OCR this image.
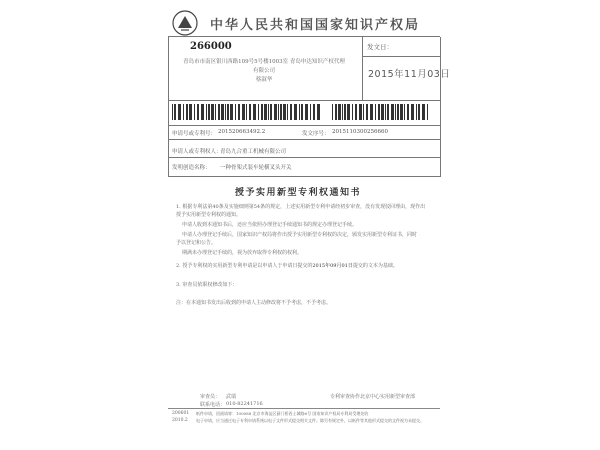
中华人民共和国国家知识产权局
266000
青岛市市南区银川西路109号5号楼1003室 青岛申达知识产权代理
有限公司
蔡淑华
发文日：
2015年11月03日
申请号或专利号： 201520663492.2	发文序号： 2015110300256660
申请人或专利权人：
青岛九合重工机械有限公司
发明创造名称： 一种骨架式装车轮横叉头开关
授予实用新型专利权通知书
1. 根据专利法第40条及实施细则第54条的规定，上述实用新型专利申请经初步审查，没有发现驳回理由，现作出
授予实用新型专利权的通知。
申请人收到本通知书后，还应当依照办理登记手续通知书的规定办理登记手续。
申请人办理登记手续后，国家知识产权局将作出授予实用新型专利权的决定，颁发实用新型专利证书，同时
予以登记和公告。
期满未办理登记手续的，视为放弃取得专利权的权利。
2. 授予专利权的实用新型专利申请是以申请人于申请日提交的2015年09月01日提交的文本为基础。
3. 审查员依职权修改如下：
注：在本通知书发出后收到的申请人主动修改将不予考虑，不予考虑。
审查员： 武瑞	专利审查协作北京中心实用新型审查部
联系电话： 010-82241716
200601
2010.2
纸件申请，回函请寄：100088 北京市海淀区蓟门桥西土城路6号 国家知识产权局专利局受理处收
电子申请，应当通过电子专利申请系统以电子文件形式提交相关文件。除另有规定外，以纸件等其他形式提交的文件视为未提交。
